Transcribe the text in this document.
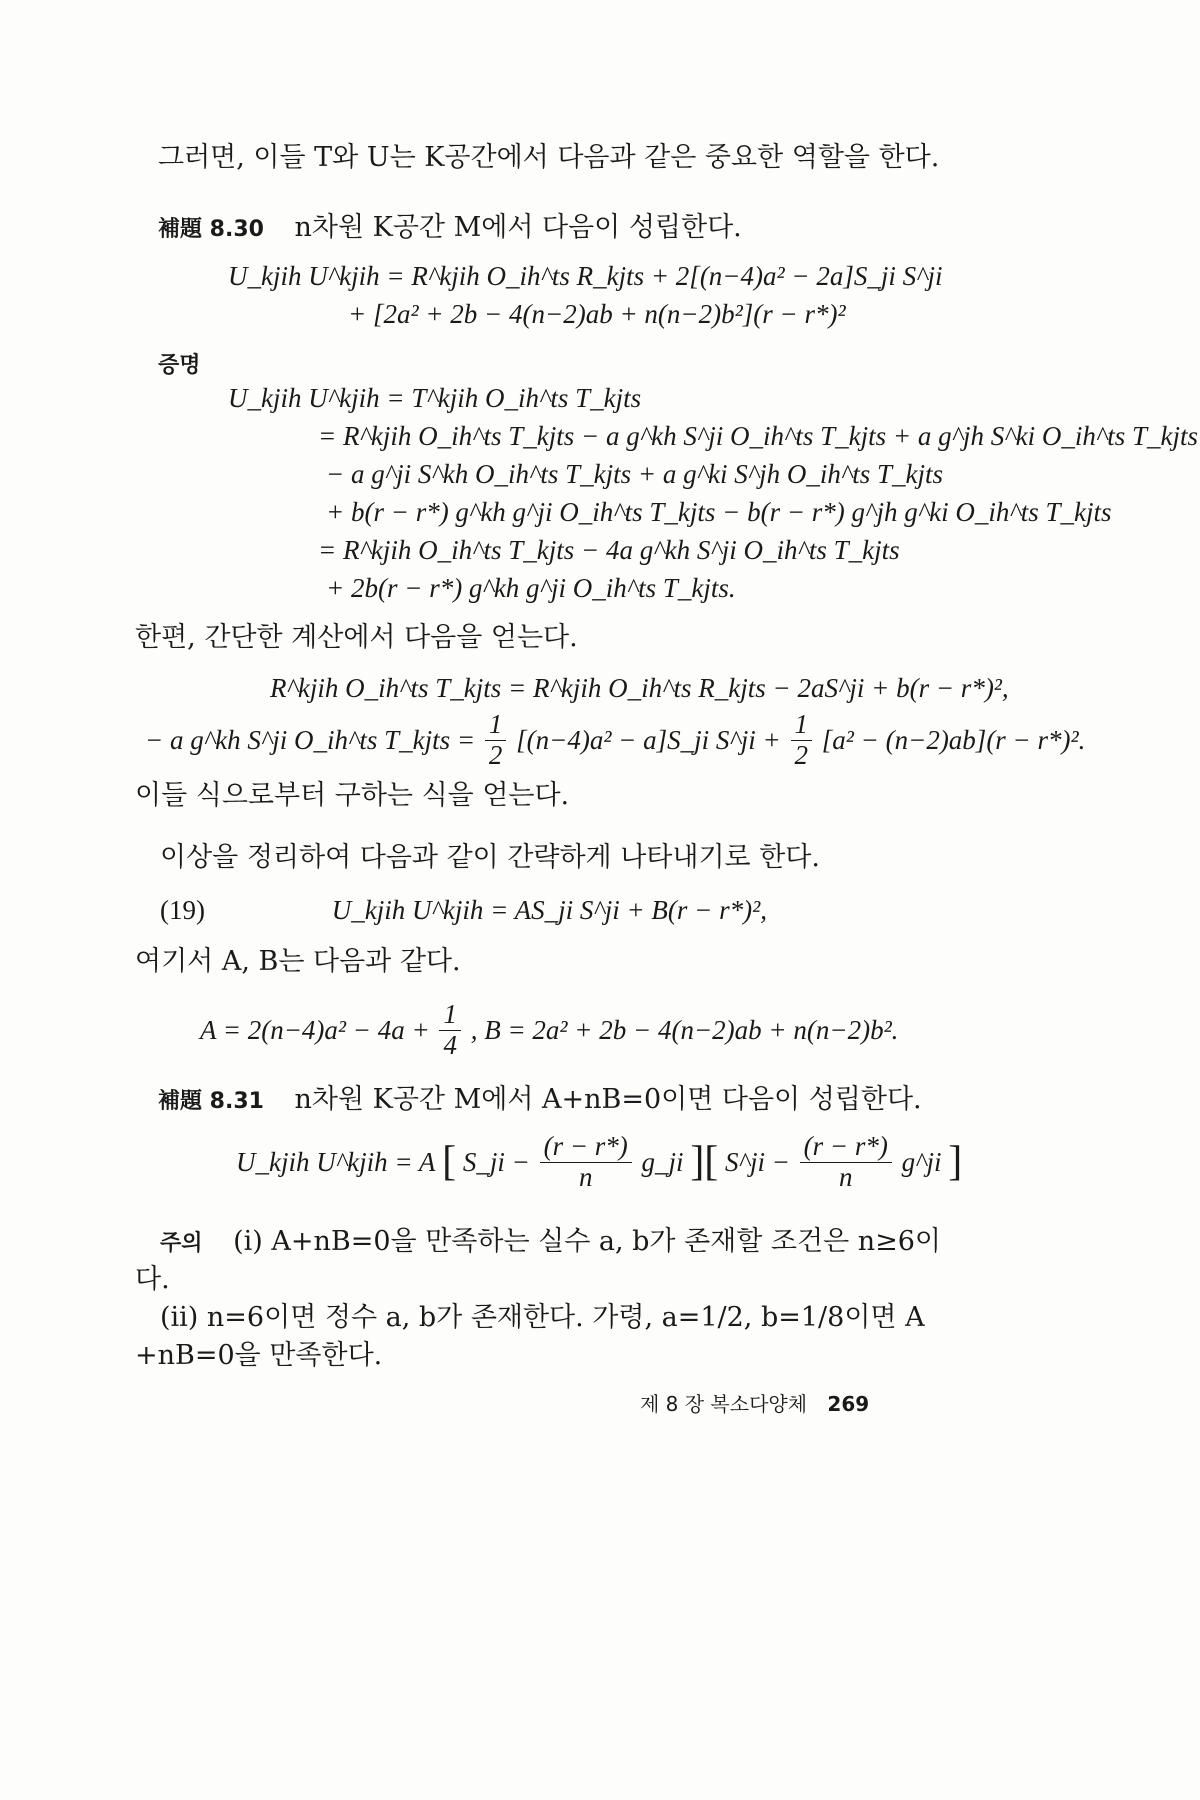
그러면, 이들 T와 U는 K공간에서 다음과 같은 중요한 역할을 한다.
補題 8.30 n차원 K공간 M에서 다음이 성립한다.
U_kjih U^kjih = R^kjih O_ih^ts R_kjts + 2[(n−4)a² − 2a]S_ji S^ji
+ [2a² + 2b − 4(n−2)ab + n(n−2)b²](r − r*)²
증명
U_kjih U^kjih = T^kjih O_ih^ts T_kjts
= R^kjih O_ih^ts T_kjts − a g^kh S^ji O_ih^ts T_kjts + a g^jh S^ki O_ih^ts T_kjts
− a g^ji S^kh O_ih^ts T_kjts + a g^ki S^jh O_ih^ts T_kjts
+ b(r − r*) g^kh g^ji O_ih^ts T_kjts − b(r − r*) g^jh g^ki O_ih^ts T_kjts
= R^kjih O_ih^ts T_kjts − 4a g^kh S^ji O_ih^ts T_kjts
+ 2b(r − r*) g^kh g^ji O_ih^ts T_kjts.
한편, 간단한 계산에서 다음을 얻는다.
R^kjih O_ih^ts T_kjts = R^kjih O_ih^ts R_kjts − 2aS^ji + b(r − r*)²,
− a g^kh S^ji O_ih^ts T_kjts = $\frac{1}{2} [(n-4)a^2$ − a]S_ji S^ji + $\frac{1}{2} [a^2 - (n-2)ab](r - r*)^2$.
이들 식으로부터 구하는 식을 얻는다.
이상을 정리하여 다음과 같이 간략하게 나타내기로 한다.
(19)	U_kjih U^kjih = AS_ji S^ji + B(r − r*)²,
여기서 A, B는 다음과 같다.
$A = 2(n-4)a^2 - 4a + \frac{1}{4}$ , B = 2a² + 2b − 4(n−2)ab + n(n−2)b².
補題 8.31 n차원 K공간 M에서 A+nB=0이면 다음이 성립한다.
U_kjih U^kjih = A [ S_ji − $\frac{(r - r*)}{n}$ g_ji ][ S^ji − $\frac{(r - r*)}{n}$ g^ji ]
주의 (i) A+nB=0을 만족하는 실수 a, b가 존재할 조건은 n≥6이
다.
(ii) n=6이면 정수 a, b가 존재한다. 가령, a=1/2, b=1/8이면 A
+nB=0을 만족한다.
제 8 장 복소다양체 269
